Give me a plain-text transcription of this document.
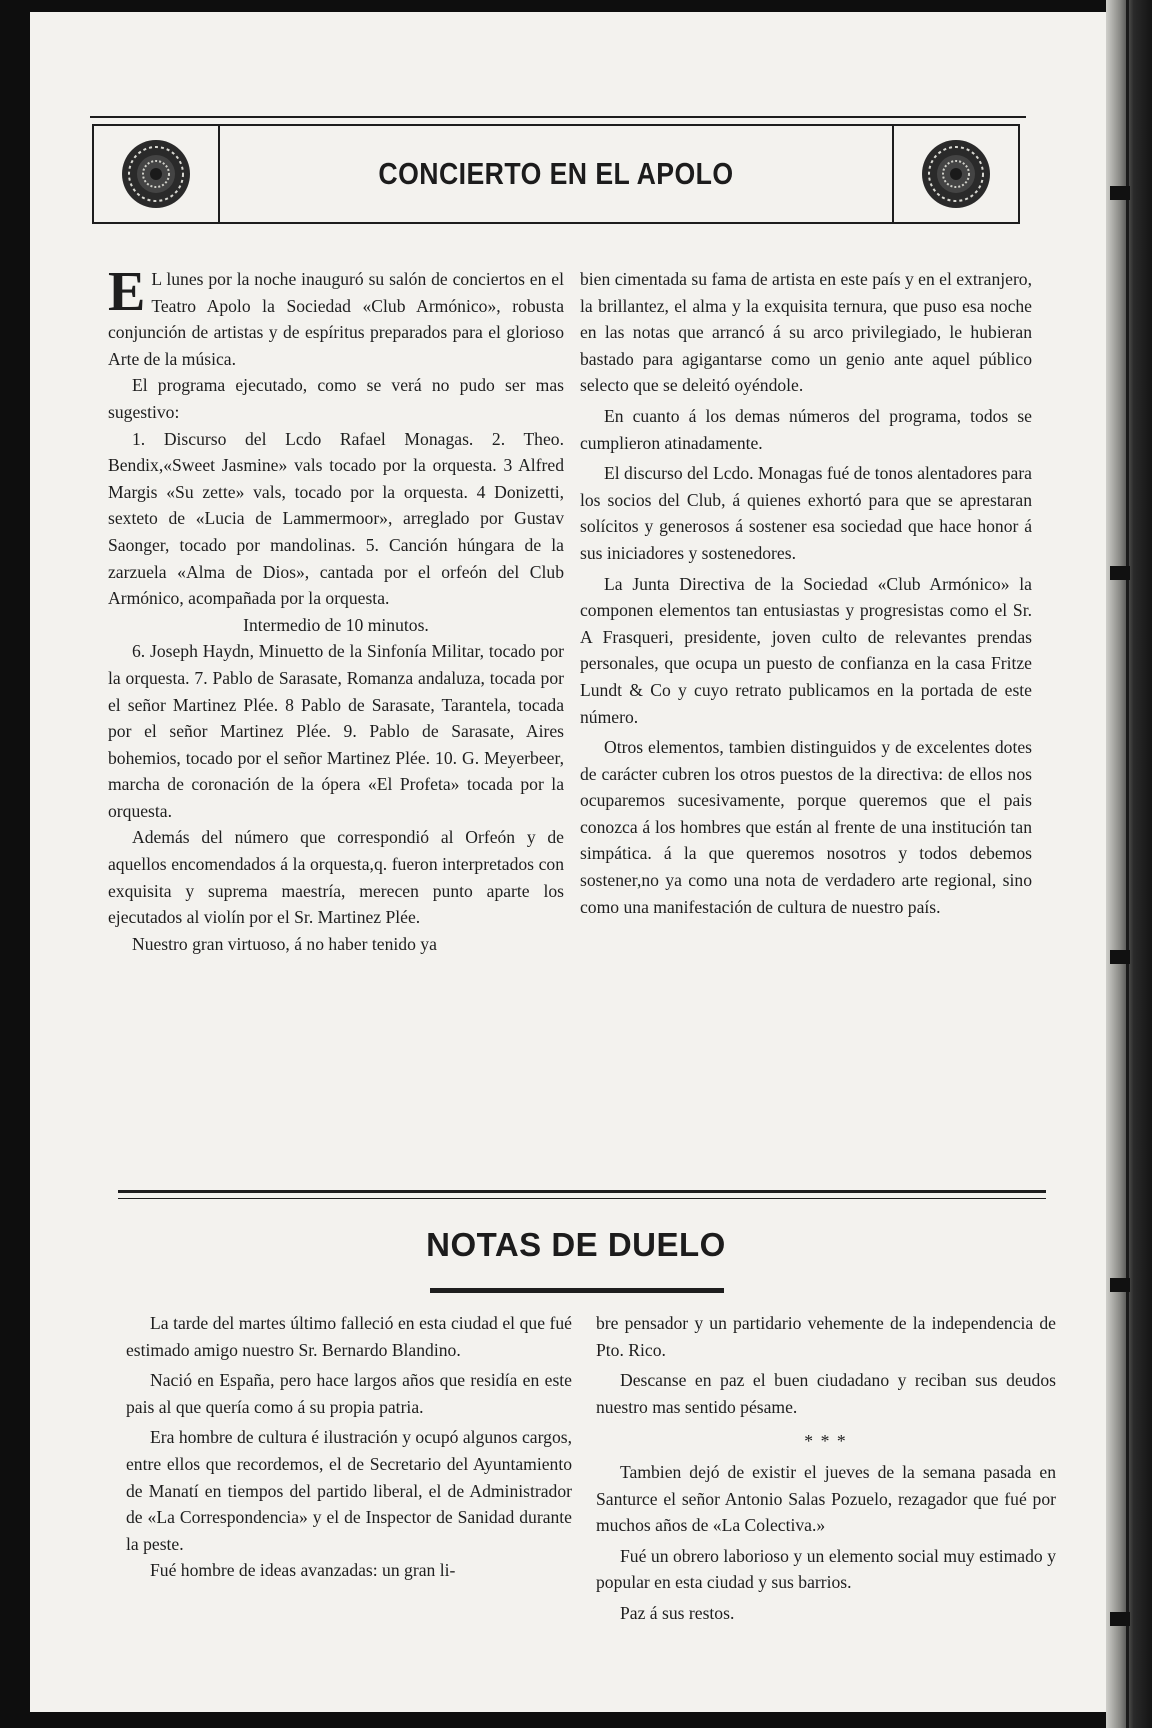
CONCIERTO EN EL APOLO

E L lunes por la noche inauguró su salón de conciertos en el Teatro Apolo la Sociedad «Club Armónico», robusta conjunción de artistas y de espíritus preparados para el glorioso Arte de la música.

El programa ejecutado, como se verá no pudo ser mas sugestivo:

1. Discurso del Lcdo Rafael Monagas. 2. Theo. Bendix,«Sweet Jasmine» vals tocado por la orquesta. 3 Alfred Margis «Su zette» vals, tocado por la orquesta. 4 Donizetti, sexteto de «Lucia de Lammermoor», arreglado por Gustav Saonger, tocado por mandolinas. 5. Canción húngara de la zarzuela «Alma de Dios», cantada por el orfeón del Club Armónico, acompañada por la orquesta.

Intermedio de 10 minutos.

6. Joseph Haydn, Minuetto de la Sinfonía Militar, tocado por la orquesta. 7. Pablo de Sarasate, Romanza andaluza, tocada por el señor Martinez Plée. 8 Pablo de Sarasate, Tarantela, tocada por el señor Martinez Plée. 9. Pablo de Sarasate, Aires bohemios, tocado por el señor Martinez Plée. 10. G. Meyerbeer, marcha de coronación de la ópera «El Profeta» tocada por la orquesta.

Además del número que correspondió al Orfeón y de aquellos encomendados á la orquesta,q. fueron interpretados con exquisita y suprema maestría, merecen punto aparte los ejecutados al violín por el Sr. Martinez Plée.

Nuestro gran virtuoso, á no haber tenido ya

bien cimentada su fama de artista en este país y en el extranjero, la brillantez, el alma y la exquisita ternura, que puso esa noche en las notas que arrancó á su arco privilegiado, le hubieran bastado para agigantarse como un genio ante aquel público selecto que se deleitó oyéndole.

En cuanto á los demas números del programa, todos se cumplieron atinadamente.

El discurso del Lcdo. Monagas fué de tonos alentadores para los socios del Club, á quienes exhortó para que se aprestaran solícitos y generosos á sostener esa sociedad que hace honor á sus iniciadores y sostenedores.

La Junta Directiva de la Sociedad «Club Armónico» la componen elementos tan entusiastas y progresistas como el Sr. A Frasqueri, presidente, joven culto de relevantes prendas personales, que ocupa un puesto de confianza en la casa Fritze Lundt & Co y cuyo retrato publicamos en la portada de este número.

Otros elementos, tambien distinguidos y de excelentes dotes de carácter cubren los otros puestos de la directiva: de ellos nos ocuparemos sucesivamente, porque queremos que el pais conozca á los hombres que están al frente de una institución tan simpática. á la que queremos nosotros y todos debemos sostener,no ya como una nota de verdadero arte regional, sino como una manifestación de cultura de nuestro país.

NOTAS DE DUELO

La tarde del martes último falleció en esta ciudad el que fué estimado amigo nuestro Sr. Bernardo Blandino.

Nació en España, pero hace largos años que residía en este pais al que quería como á su propia patria.

Era hombre de cultura é ilustración y ocupó algunos cargos, entre ellos que recordemos, el de Secretario del Ayuntamiento de Manatí en tiempos del partido liberal, el de Administrador de «La Correspondencia» y el de Inspector de Sanidad durante la peste.

Fué hombre de ideas avanzadas: un gran li-

bre pensador y un partidario vehemente de la independencia de Pto. Rico.

Descanse en paz el buen ciudadano y reciban sus deudos nuestro mas sentido pésame.

* * *

Tambien dejó de existir el jueves de la semana pasada en Santurce el señor Antonio Salas Pozuelo, rezagador que fué por muchos años de «La Colectiva.»

Fué un obrero laborioso y un elemento social muy estimado y popular en esta ciudad y sus barrios.

Paz á sus restos.
